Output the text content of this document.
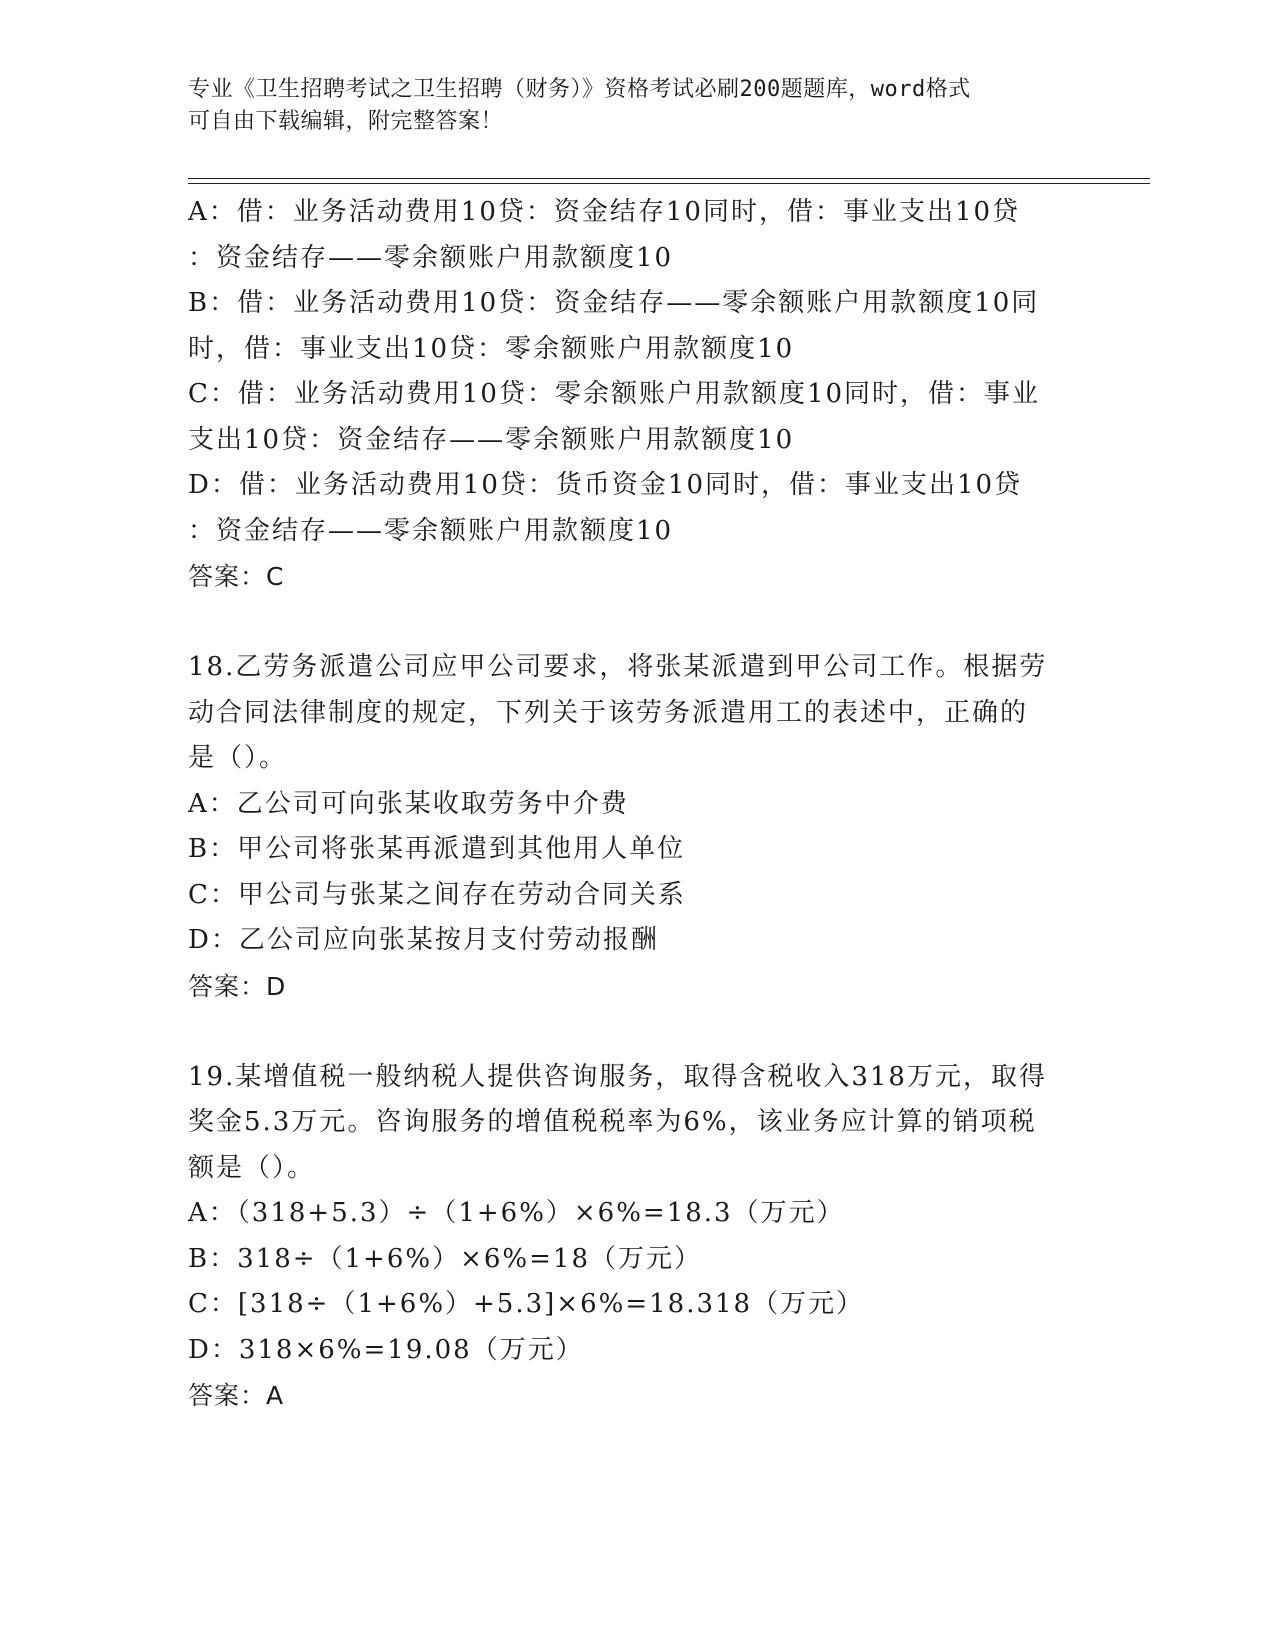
专业《卫生招聘考试之卫生招聘（财务）》资格考试必刷200题题库，word格式
可自由下载编辑，附完整答案！
A：借：业务活动费用10贷：资金结存10同时，借：事业支出10贷
：资金结存——零余额账户用款额度10
B：借：业务活动费用10贷：资金结存——零余额账户用款额度10同
时，借：事业支出10贷：零余额账户用款额度10
C：借：业务活动费用10贷：零余额账户用款额度10同时，借：事业
支出10贷：资金结存——零余额账户用款额度10
D：借：业务活动费用10贷：货币资金10同时，借：事业支出10贷
：资金结存——零余额账户用款额度10
答案：C
18.乙劳务派遣公司应甲公司要求，将张某派遣到甲公司工作。根据劳
动合同法律制度的规定，下列关于该劳务派遣用工的表述中，正确的
是（）。
A：乙公司可向张某收取劳务中介费
B：甲公司将张某再派遣到其他用人单位
C：甲公司与张某之间存在劳动合同关系
D：乙公司应向张某按月支付劳动报酬
答案：D
19.某增值税一般纳税人提供咨询服务，取得含税收入318万元，取得
奖金5.3万元。咨询服务的增值税税率为6%，该业务应计算的销项税
额是（）。
A：（318+5.3）÷（1+6%）×6%=18.3（万元）
B：318÷（1+6%）×6%=18（万元）
C：[318÷（1+6%）+5.3]×6%=18.318（万元）
D：318×6%=19.08（万元）
答案：A
